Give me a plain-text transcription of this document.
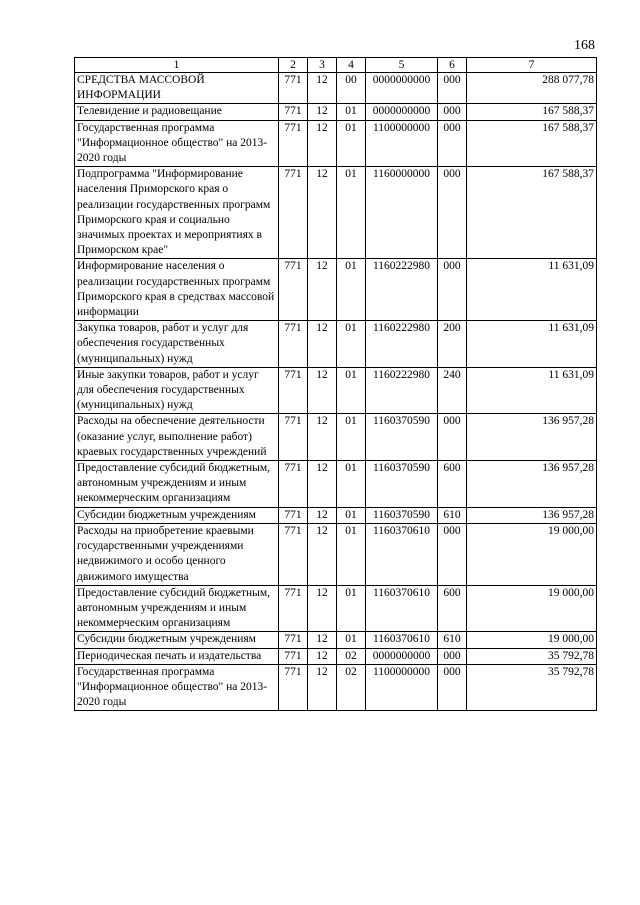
168
1	2	3	4	5	6	7
СРЕДСТВА МАССОВОЙ ИНФОРМАЦИИ	771	12	00	0000000000	000	288 077,78
Телевидение и радиовещание	771	12	01	0000000000	000	167 588,37
Государственная программа "Информационное общество" на 2013-2020 годы	771	12	01	1100000000	000	167 588,37
Подпрограмма "Информирование населения Приморского края о реализации государственных программ Приморского края и социально значимых проектах и мероприятиях в Приморском крае"	771	12	01	1160000000	000	167 588,37
Информирование населения о реализации государственных программ Приморского края в средствах массовой информации	771	12	01	1160222980	000	11 631,09
Закупка товаров, работ и услуг для обеспечения государственных (муниципальных) нужд	771	12	01	1160222980	200	11 631,09
Иные закупки товаров, работ и услуг для обеспечения государственных (муниципальных) нужд	771	12	01	1160222980	240	11 631,09
Расходы на обеспечение деятельности (оказание услуг, выполнение работ) краевых государственных учреждений	771	12	01	1160370590	000	136 957,28
Предоставление субсидий бюджетным, автономным учреждениям и иным некоммерческим организациям	771	12	01	1160370590	600	136 957,28
Субсидии бюджетным учреждениям	771	12	01	1160370590	610	136 957,28
Расходы на приобретение краевыми государственными учреждениями недвижимого и особо ценного движимого имущества	771	12	01	1160370610	000	19 000,00
Предоставление субсидий бюджетным, автономным учреждениям и иным некоммерческим организациям	771	12	01	1160370610	600	19 000,00
Субсидии бюджетным учреждениям	771	12	01	1160370610	610	19 000,00
Периодическая печать и издательства	771	12	02	0000000000	000	35 792,78
Государственная программа "Информационное общество" на 2013-2020 годы	771	12	02	1100000000	000	35 792,78
